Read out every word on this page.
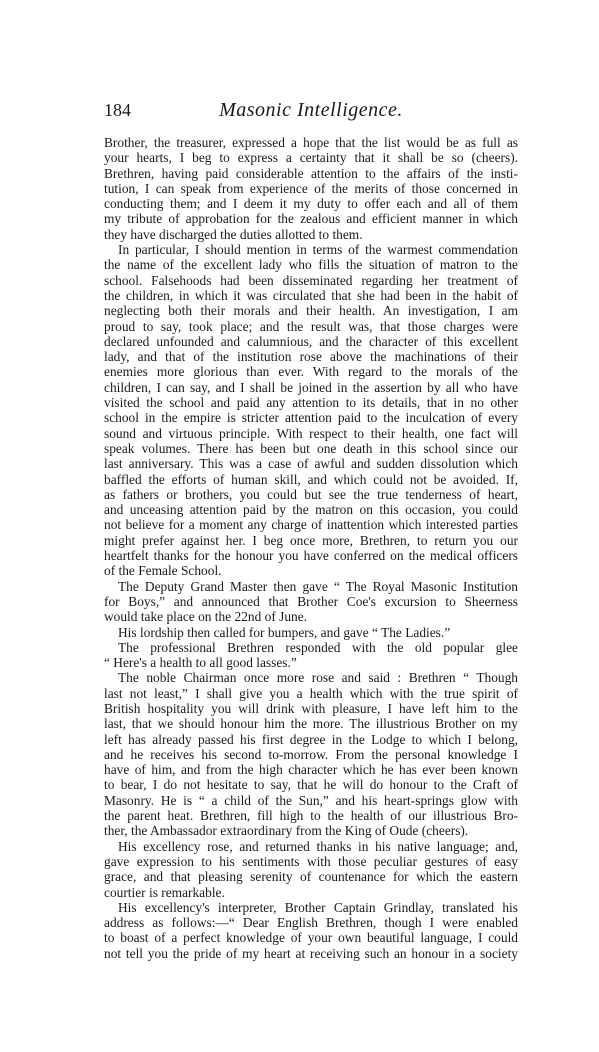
184	Masonic Intelligence.
Brother, the treasurer, expressed a hope that the list would be as full as
your hearts, I beg to express a certainty that it shall be so (cheers).
Brethren, having paid considerable attention to the affairs of the insti-
tution, I can speak from experience of the merits of those concerned in
conducting them; and I deem it my duty to offer each and all of them
my tribute of approbation for the zealous and efficient manner in which
they have discharged the duties allotted to them.
In particular, I should mention in terms of the warmest commendation
the name of the excellent lady who fills the situation of matron to the
school. Falsehoods had been disseminated regarding her treatment of
the children, in which it was circulated that she had been in the habit of
neglecting both their morals and their health. An investigation, I am
proud to say, took place; and the result was, that those charges were
declared unfounded and calumnious, and the character of this excellent
lady, and that of the institution rose above the machinations of their
enemies more glorious than ever. With regard to the morals of the
children, I can say, and I shall be joined in the assertion by all who have
visited the school and paid any attention to its details, that in no other
school in the empire is stricter attention paid to the inculcation of every
sound and virtuous principle. With respect to their health, one fact will
speak volumes. There has been but one death in this school since our
last anniversary. This was a case of awful and sudden dissolution which
baffled the efforts of human skill, and which could not be avoided. If,
as fathers or brothers, you could but see the true tenderness of heart,
and unceasing attention paid by the matron on this occasion, you could
not believe for a moment any charge of inattention which interested parties
might prefer against her. I beg once more, Brethren, to return you our
heartfelt thanks for the honour you have conferred on the medical officers
of the Female School.
The Deputy Grand Master then gave “ The Royal Masonic Institution
for Boys,” and announced that Brother Coe's excursion to Sheerness
would take place on the 22nd of June.
His lordship then called for bumpers, and gave “ The Ladies.”
The professional Brethren responded with the old popular glee
“ Here's a health to all good lasses.”
The noble Chairman once more rose and said : Brethren “ Though
last not least,” I shall give you a health which with the true spirit of
British hospitality you will drink with pleasure, I have left him to the
last, that we should honour him the more. The illustrious Brother on my
left has already passed his first degree in the Lodge to which I belong,
and he receives his second to-morrow. From the personal knowledge I
have of him, and from the high character which he has ever been known
to bear, I do not hesitate to say, that he will do honour to the Craft of
Masonry. He is “ a child of the Sun,” and his heart-springs glow with
the parent heat. Brethren, fill high to the health of our illustrious Bro-
ther, the Ambassador extraordinary from the King of Oude (cheers).
His excellency rose, and returned thanks in his native language; and,
gave expression to his sentiments with those peculiar gestures of easy
grace, and that pleasing serenity of countenance for which the eastern
courtier is remarkable.
His excellency's interpreter, Brother Captain Grindlay, translated his
address as follows:—“ Dear English Brethren, though I were enabled
to boast of a perfect knowledge of your own beautiful language, I could
not tell you the pride of my heart at receiving such an honour in a society
